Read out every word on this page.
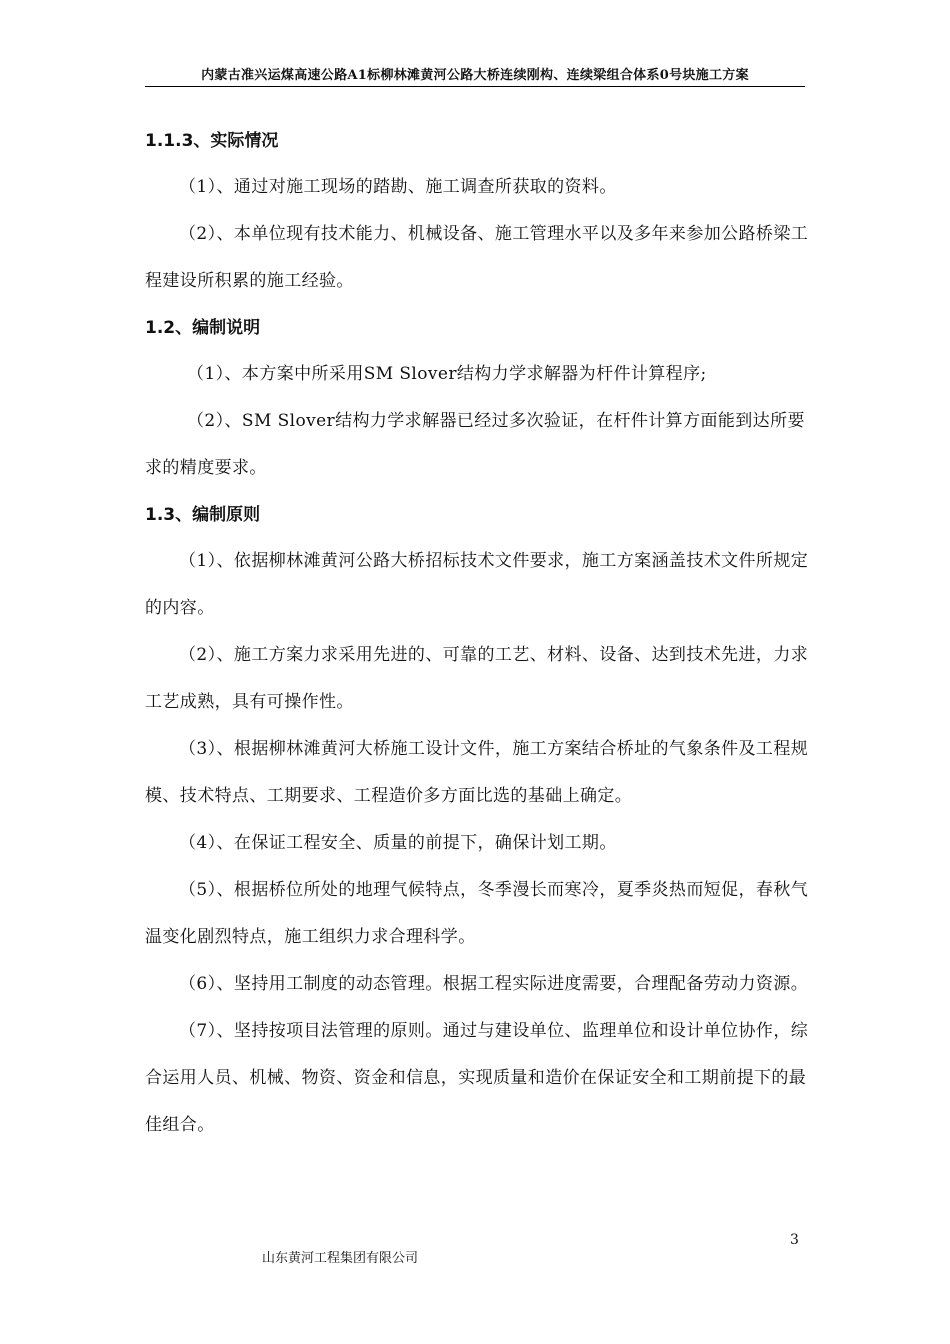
内蒙古准兴运煤高速公路A1标柳林滩黄河公路大桥连续刚构、连续梁组合体系0号块施工方案
1.1.3、实际情况

（1）、通过对施工现场的踏勘、施工调查所获取的资料。

（2）、本单位现有技术能力、机械设备、施工管理水平以及多年来参加公路桥梁工程建设所积累的施工经验。

1.2、编制说明

（1）、本方案中所采用SM Slover结构力学求解器为杆件计算程序;

（2）、SM Slover结构力学求解器已经过多次验证，在杆件计算方面能到达所要求的精度要求。

1.3、编制原则

（1）、依据柳林滩黄河公路大桥招标技术文件要求，施工方案涵盖技术文件所规定的内容。

（2）、施工方案力求采用先进的、可靠的工艺、材料、设备、达到技术先进，力求工艺成熟，具有可操作性。

（3）、根据柳林滩黄河大桥施工设计文件，施工方案结合桥址的气象条件及工程规模、技术特点、工期要求、工程造价多方面比选的基础上确定。

（4）、在保证工程安全、质量的前提下，确保计划工期。

（5）、根据桥位所处的地理气候特点，冬季漫长而寒冷，夏季炎热而短促，春秋气温变化剧烈特点，施工组织力求合理科学。

（6）、坚持用工制度的动态管理。根据工程实际进度需要，合理配备劳动力资源。

（7）、坚持按项目法管理的原则。通过与建设单位、监理单位和设计单位协作，综合运用人员、机械、物资、资金和信息，实现质量和造价在保证安全和工期前提下的最佳组合。

3
山东黄河工程集团有限公司
